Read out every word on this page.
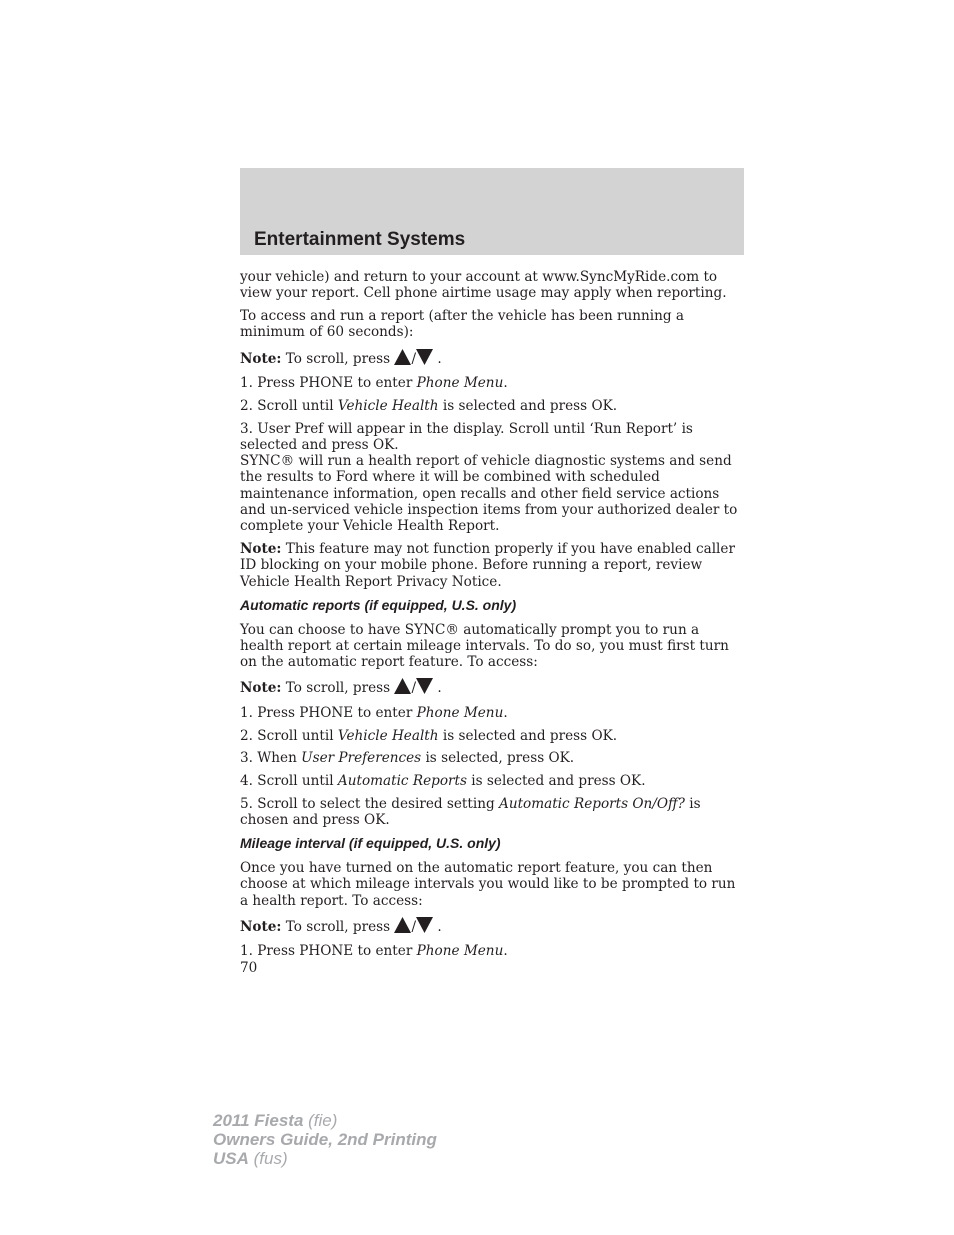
Entertainment Systems

your vehicle) and return to your account at www.SyncMyRide.com to view your report. Cell phone airtime usage may apply when reporting.

To access and run a report (after the vehicle has been running a minimum of 60 seconds):

Note: To scroll, press / .

1. Press PHONE to enter Phone Menu.

2. Scroll until Vehicle Health is selected and press OK.

3. User Pref will appear in the display. Scroll until ‘Run Report’ is selected and press OK.

SYNC® will run a health report of vehicle diagnostic systems and send the results to Ford where it will be combined with scheduled maintenance information, open recalls and other field service actions and un-serviced vehicle inspection items from your authorized dealer to complete your Vehicle Health Report.

Note: This feature may not function properly if you have enabled caller ID blocking on your mobile phone. Before running a report, review Vehicle Health Report Privacy Notice.

Automatic reports (if equipped, U.S. only)

You can choose to have SYNC® automatically prompt you to run a health report at certain mileage intervals. To do so, you must first turn on the automatic report feature. To access:

Note: To scroll, press / .

1. Press PHONE to enter Phone Menu.

2. Scroll until Vehicle Health is selected and press OK.

3. When User Preferences is selected, press OK.

4. Scroll until Automatic Reports is selected and press OK.

5. Scroll to select the desired setting Automatic Reports On/Off? is chosen and press OK.

Mileage interval (if equipped, U.S. only)

Once you have turned on the automatic report feature, you can then choose at which mileage intervals you would like to be prompted to run a health report. To access:

Note: To scroll, press / .

1. Press PHONE to enter Phone Menu.

70

2011 Fiesta (fie)
Owners Guide, 2nd Printing
USA (fus)
